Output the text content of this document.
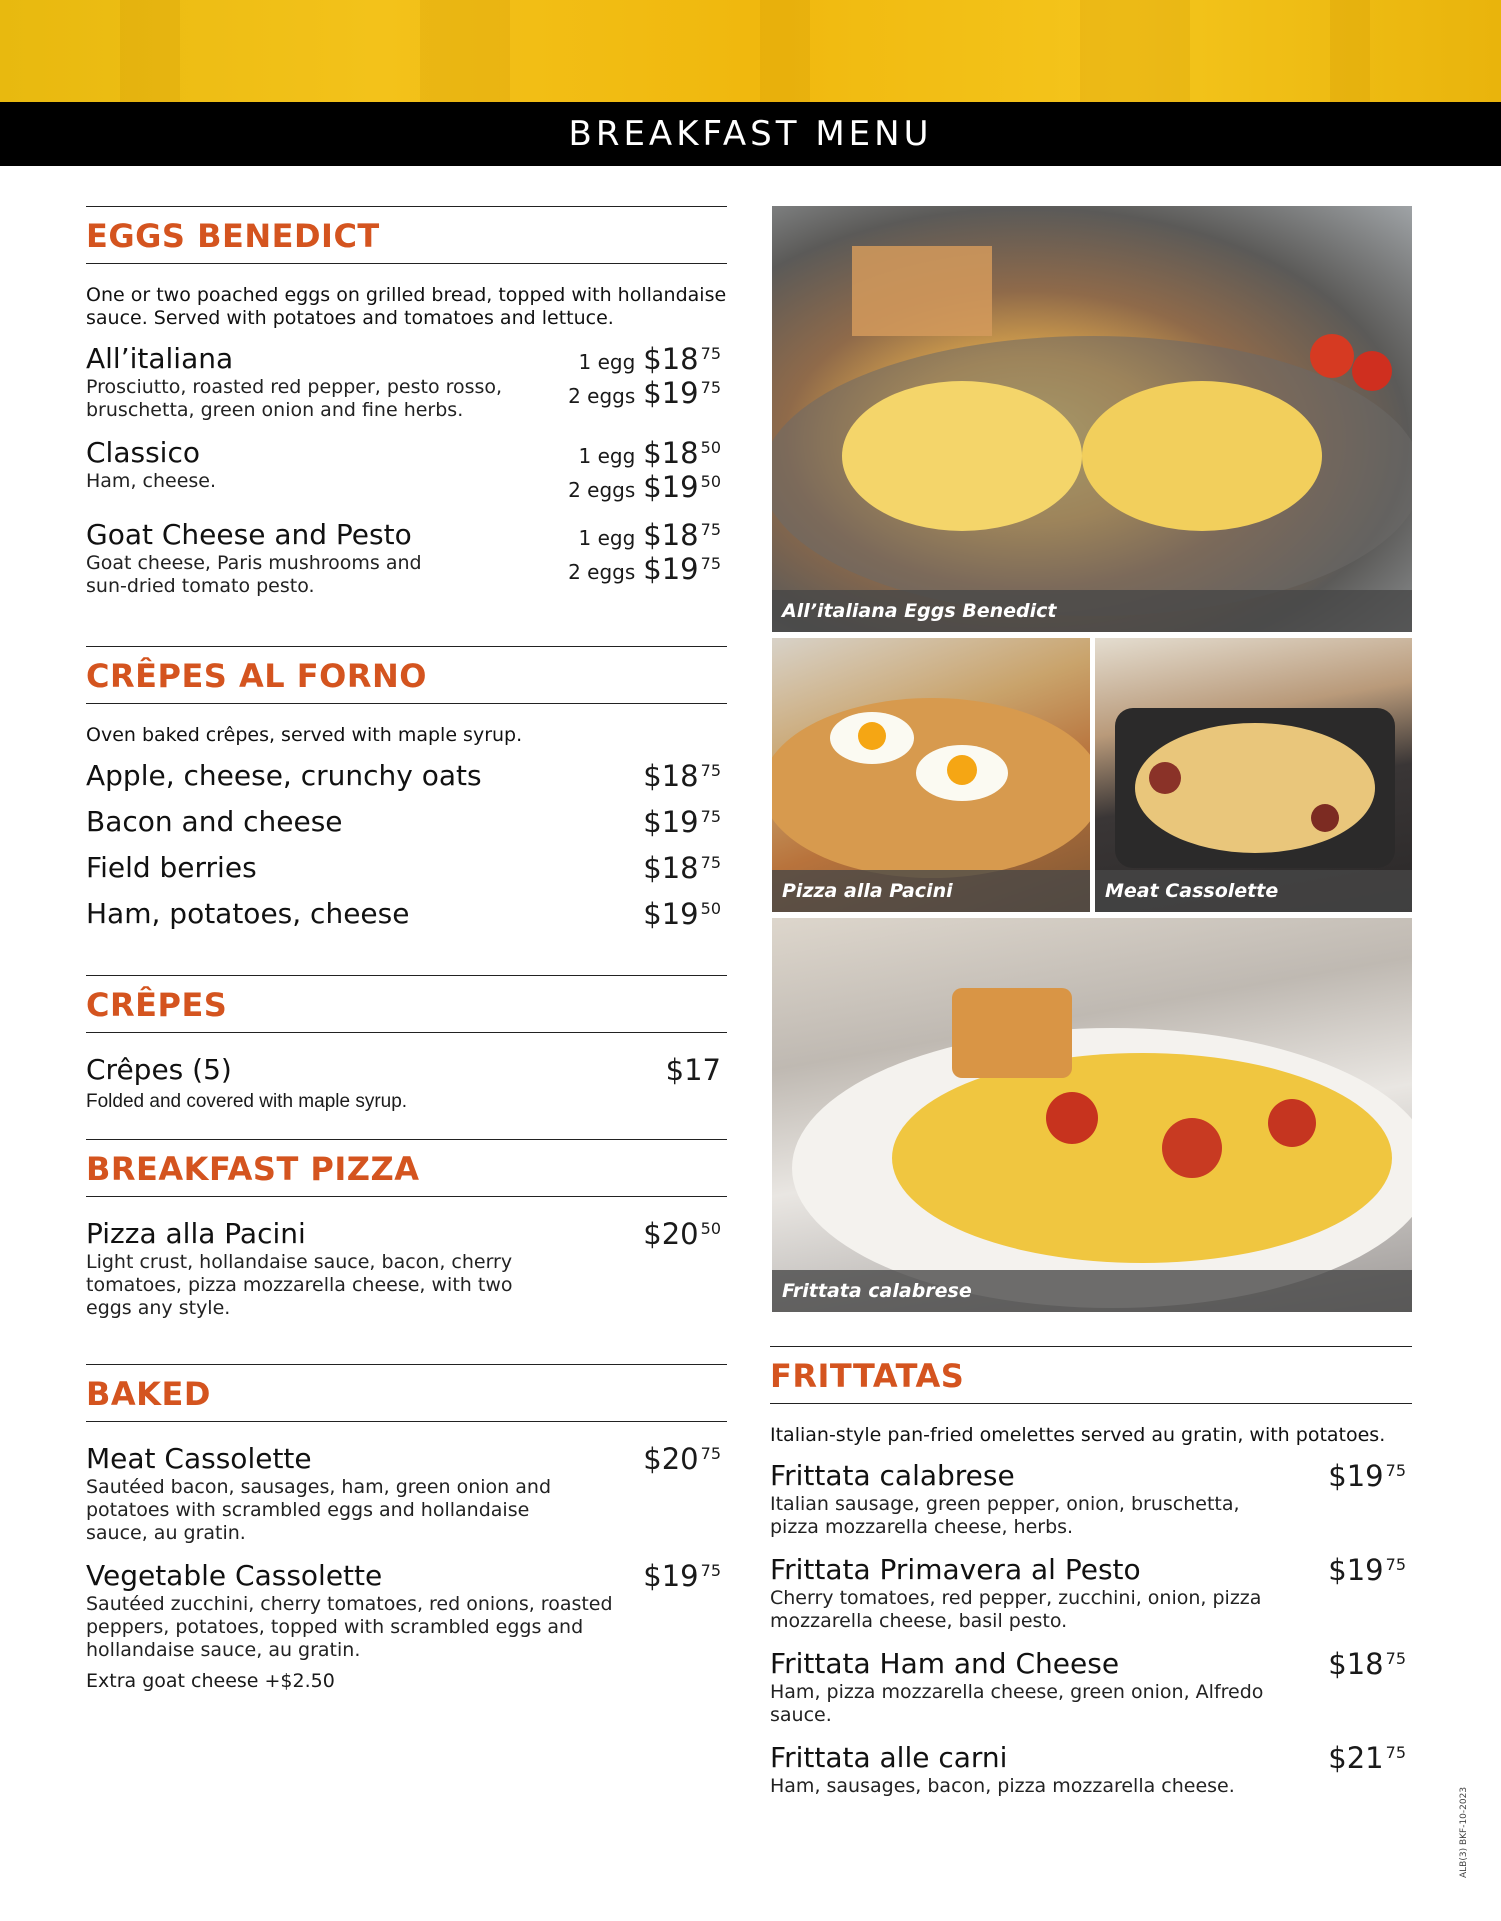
BREAKFAST MENU
EGGS BENEDICT

One or two poached eggs on grilled bread, topped with hollandaise sauce. Served with potatoes and tomatoes and lettuce.

All’italiana
Prosciutto, roasted red pepper, pesto rosso, bruschetta, green onion and fine herbs.
1 egg $18 75
2 eggs $19 75
Classico
Ham, cheese.
1 egg $18 50
2 eggs $19 50
Goat Cheese and Pesto
Goat cheese, Paris mushrooms and sun-dried tomato pesto.
1 egg $18 75
2 eggs $19 75
CRÊPES AL FORNO

Oven baked crêpes, served with maple syrup.

Apple, cheese, crunchy oats	$18 75
Bacon and cheese	$19 75
Field berries	$18 75
Ham, potatoes, cheese	$19 50
CRÊPES
Crêpes (5)	$17
Folded and covered with maple syrup.
BREAKFAST PIZZA
Pizza alla Pacini
Light crust, hollandaise sauce, bacon, cherry tomatoes, pizza mozzarella cheese, with two eggs any style.
$20 50
BAKED
Meat Cassolette
Sautéed bacon, sausages, ham, green onion and potatoes with scrambled eggs and hollandaise sauce, au gratin.
$20 75
Vegetable Cassolette
Sautéed zucchini, cherry tomatoes, red onions, roasted peppers, potatoes, topped with scrambled eggs and hollandaise sauce, au gratin.
$19 75
Extra goat cheese +$2.50
All’italiana Eggs Benedict
Pizza alla Pacini	Meat Cassolette
Frittata calabrese
FRITTATAS

Italian-style pan-fried omelettes served au gratin, with potatoes.

Frittata calabrese
Italian sausage, green pepper, onion, bruschetta, pizza mozzarella cheese, herbs.
$19 75
Frittata Primavera al Pesto
Cherry tomatoes, red pepper, zucchini, onion, pizza mozzarella cheese, basil pesto.
$19 75
Frittata Ham and Cheese
Ham, pizza mozzarella cheese, green onion, Alfredo sauce.
$18 75
Frittata alle carni
Ham, sausages, bacon, pizza mozzarella cheese.
$21 75
ALB(3) BKF-10-2023
